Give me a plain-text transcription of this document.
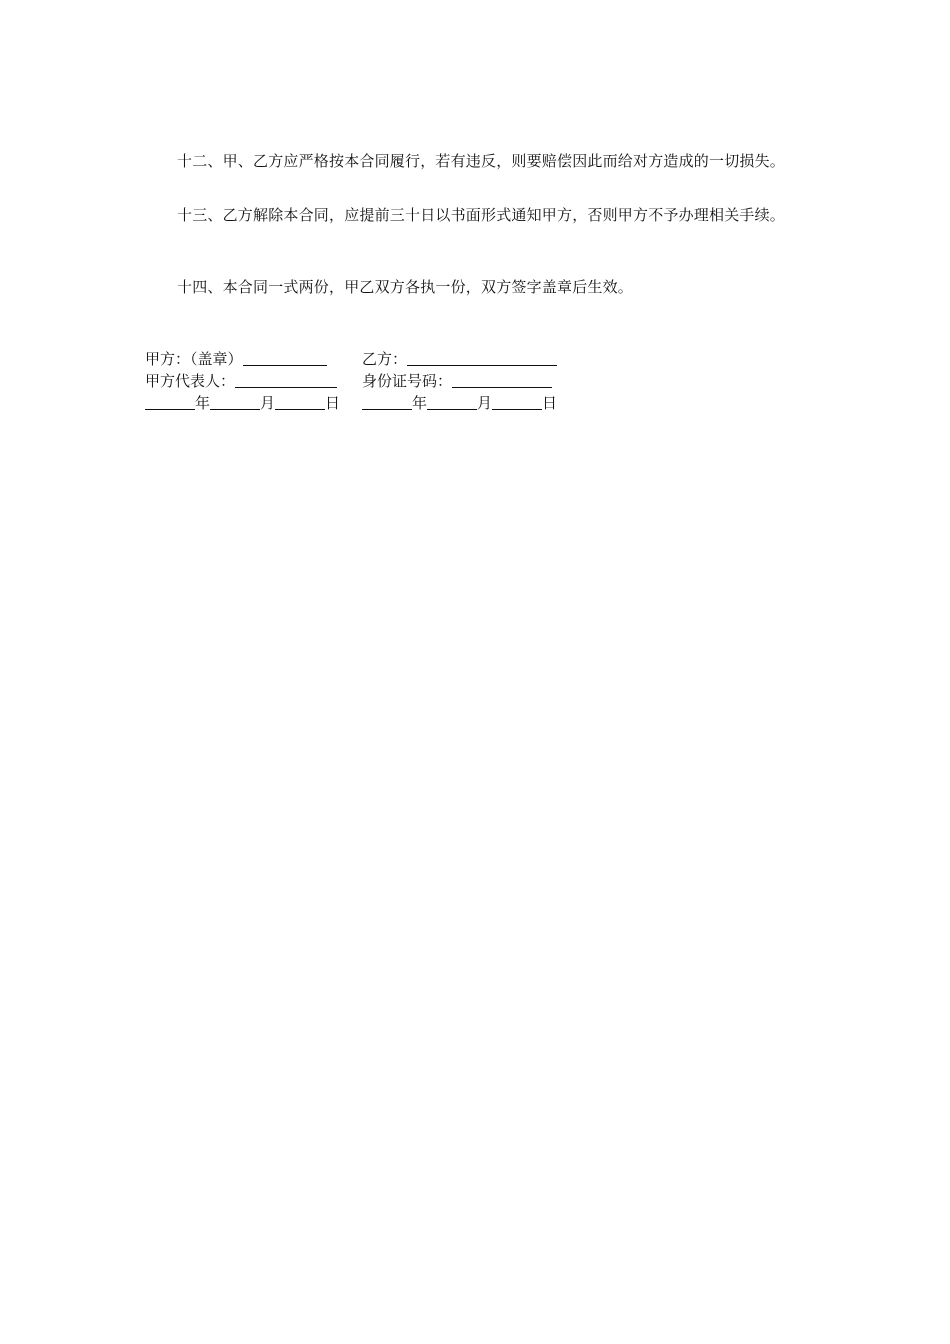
十二、甲、乙方应严格按本合同履行，若有违反，则要赔偿因此而给对方造成的一切损失。

十三、乙方解除本合同，应提前三十日以书面形式通知甲方，否则甲方不予办理相关手续。

十四、本合同一式两份，甲乙双方各执一份，双方签字盖章后生效。

甲方：（盖章）	乙方：
甲方代表人：	身份证号码：
年	月	日	年	月	日
